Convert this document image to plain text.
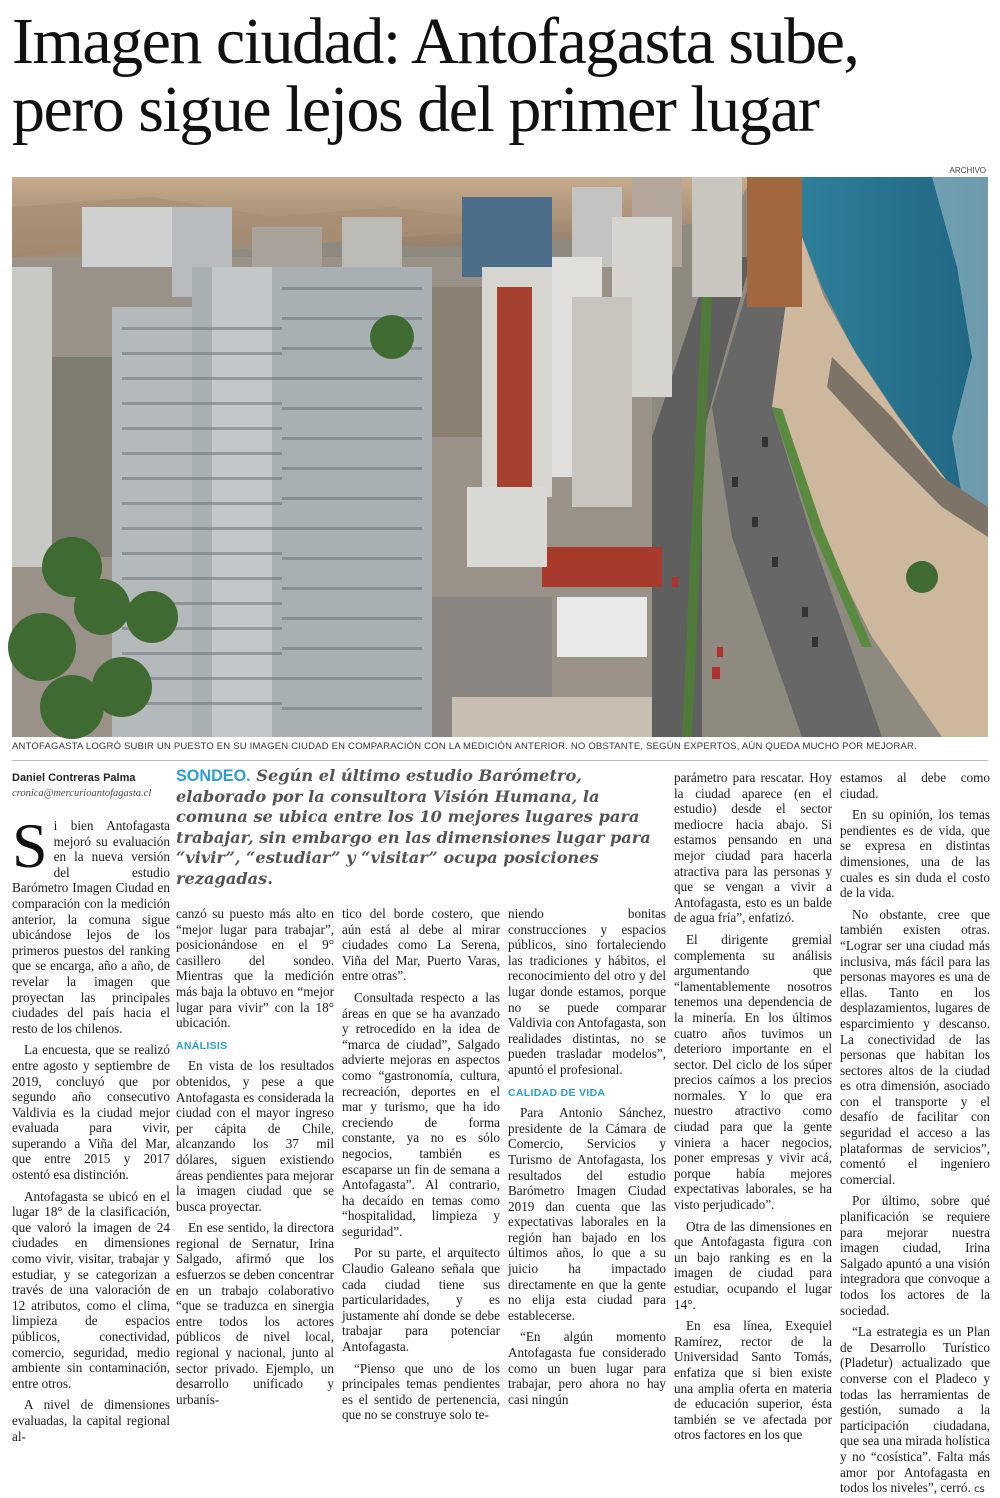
Imagen ciudad: Antofagasta sube,
pero sigue lejos del primer lugar
ARCHIVO
ANTOFAGASTA LOGRÓ SUBIR UN PUESTO EN SU IMAGEN CIUDAD EN COMPARACIÓN CON LA MEDICIÓN ANTERIOR. NO OBSTANTE, SEGÚN EXPERTOS, AÚN QUEDA MUCHO POR MEJORAR.
Daniel Contreras Palma
cronica@mercurioantofagasta.cl
SONDEO. Según el último estudio Barómetro, elaborado por la consultora Visión Humana, la comuna se ubica entre los 10 mejores lugares para trabajar, sin embargo en las dimensiones lugar para “vivir”, “estudiar” y “visitar” ocupa posiciones rezagadas.

Si bien Antofagasta mejoró su evaluación en la nueva versión del estudio Barómetro Imagen Ciudad en comparación con la medición anterior, la comuna sigue ubicándose lejos de los primeros puestos del ranking que se encarga, año a año, de revelar la imagen que proyectan las principales ciudades del país hacia el resto de los chilenos.

La encuesta, que se realizó entre agosto y septiembre de 2019, concluyó que por segundo año consecutivo Valdivia es la ciudad mejor evaluada para vivir, superando a Viña del Mar, que entre 2015 y 2017 ostentó esa distinción.

Antofagasta se ubicó en el lugar 18° de la clasificación, que valoró la imagen de 24 ciudades en dimensiones como vivir, visitar, trabajar y estudiar, y se categorizan a través de una valoración de 12 atributos, como el clima, limpieza de espacios públicos, conectividad, comercio, seguridad, medio ambiente sin contaminación, entre otros.

A nivel de dimensiones evaluadas, la capital regional al-

canzó su puesto más alto en “mejor lugar para trabajar”, posicionándose en el 9° casillero del sondeo. Mientras que la medición más baja la obtuvo en “mejor lugar para vivir” con la 18° ubicación.

ANÁLISIS

En vista de los resultados obtenidos, y pese a que Antofagasta es considerada la ciudad con el mayor ingreso per cápita de Chile, alcanzando los 37 mil dólares, siguen existiendo áreas pendientes para mejorar la imagen ciudad que se busca proyectar.

En ese sentido, la directora regional de Sernatur, Irina Salgado, afirmó que los esfuerzos se deben concentrar en un trabajo colaborativo “que se traduzca en sinergia entre todos los actores públicos de nivel local, regional y nacional, junto al sector privado. Ejemplo, un desarrollo unificado y urbanís-

tico del borde costero, que aún está al debe al mirar ciudades como La Serena, Viña del Mar, Puerto Varas, entre otras”.

Consultada respecto a las áreas en que se ha avanzado y retrocedido en la idea de “marca de ciudad”, Salgado advierte mejoras en aspectos como “gastronomía, cultura, recreación, deportes en el mar y turismo, que ha ido creciendo de forma constante, ya no es sólo negocios, también es escaparse un fin de semana a Antofagasta”. Al contrario, ha decaído en temas como “hospitalidad, limpieza y seguridad”.

Por su parte, el arquitecto Claudio Galeano señala que cada ciudad tiene sus particularidades, y es justamente ahí donde se debe trabajar para potenciar Antofagasta.

“Pienso que uno de los principales temas pendientes es el sentido de pertenencia, que no se construye solo te-

niendo bonitas construcciones y espacios públicos, sino fortaleciendo las tradiciones y hábitos, el reconocimiento del otro y del lugar donde estamos, porque no se puede comparar Valdivia con Antofagasta, son realidades distintas, no se pueden trasladar modelos”, apuntó el profesional.

CALIDAD DE VIDA

Para Antonio Sánchez, presidente de la Cámara de Comercio, Servicios y Turismo de Antofagasta, los resultados del estudio Barómetro Imagen Ciudad 2019 dan cuenta que las expectativas laborales en la región han bajado en los últimos años, lo que a su juicio ha impactado directamente en que la gente no elija esta ciudad para establecerse.

“En algún momento Antofagasta fue considerado como un buen lugar para trabajar, pero ahora no hay casi ningún

parámetro para rescatar. Hoy la ciudad aparece (en el estudio) desde el sector mediocre hacia abajo. Si estamos pensando en una mejor ciudad para hacerla atractiva para las personas y que se vengan a vivir a Antofagasta, esto es un balde de agua fría”, enfatizó.

El dirigente gremial complementa su análisis argumentando que “lamentablemente nosotros tenemos una dependencia de la minería. En los últimos cuatro años tuvimos un deterioro importante en el sector. Del ciclo de los súper precios caímos a los precios normales. Y lo que era nuestro atractivo como ciudad para que la gente viniera a hacer negocios, poner empresas y vivir acá, porque había mejores expectativas laborales, se ha visto perjudicado”.

Otra de las dimensiones en que Antofagasta figura con un bajo ranking es en la imagen de ciudad para estudiar, ocupando el lugar 14°.

En esa línea, Exequiel Ramírez, rector de la Universidad Santo Tomás, enfatiza que si bien existe una amplia oferta en materia de educación superior, ésta también se ve afectada por otros factores en los que

estamos al debe como ciudad.

En su opinión, los temas pendientes es de vida, que se expresa en distintas dimensiones, una de las cuales es sin duda el costo de la vida.

No obstante, cree que también existen otras. “Lograr ser una ciudad más inclusiva, más fácil para las personas mayores es una de ellas. Tanto en los desplazamientos, lugares de esparcimiento y descanso. La conectividad de las personas que habitan los sectores altos de la ciudad es otra dimensión, asociado con el transporte y el desafío de facilitar con seguridad el acceso a las plataformas de servicios”, comentó el ingeniero comercial.

Por último, sobre qué planificación se requiere para mejorar nuestra imagen ciudad, Irina Salgado apuntó a una visión integradora que convoque a todos los actores de la sociedad.

“La estrategia es un Plan de Desarrollo Turístico (Pladetur) actualizado que converse con el Pladeco y todas las herramientas de gestión, sumado a la participación ciudadana, que sea una mirada holística y no “cosística”. Falta más amor por Antofagasta en todos los niveles”, cerró. cs
